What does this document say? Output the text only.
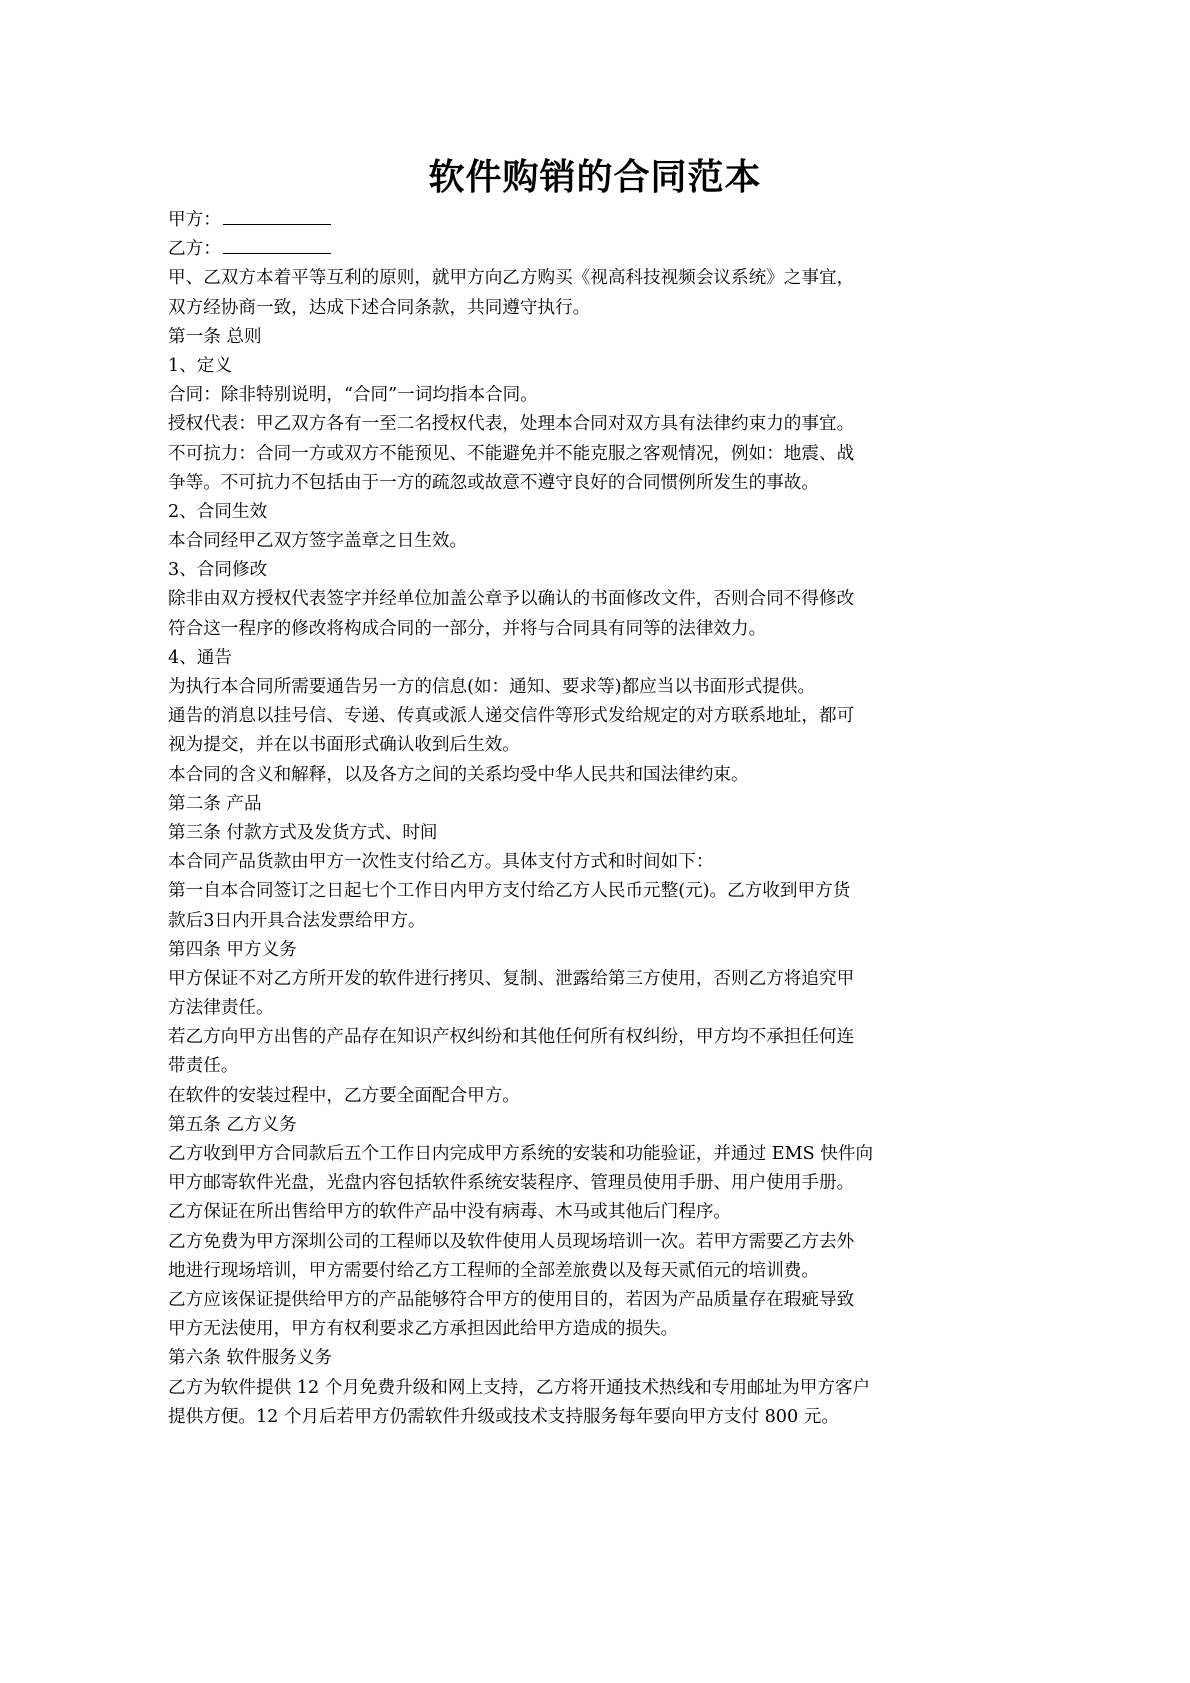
软件购销的合同范本
甲方：
乙方：
甲、乙双方本着平等互利的原则，就甲方向乙方购买《视高科技视频会议系统》之事宜，
双方经协商一致，达成下述合同条款，共同遵守执行。
第一条 总则
1、定义
合同：除非特别说明，“合同”一词均指本合同。
授权代表：甲乙双方各有一至二名授权代表，处理本合同对双方具有法律约束力的事宜。
不可抗力：合同一方或双方不能预见、不能避免并不能克服之客观情况，例如：地震、战
争等。不可抗力不包括由于一方的疏忽或故意不遵守良好的合同惯例所发生的事故。
2、合同生效
本合同经甲乙双方签字盖章之日生效。
3、合同修改
除非由双方授权代表签字并经单位加盖公章予以确认的书面修改文件，否则合同不得修改
符合这一程序的修改将构成合同的一部分，并将与合同具有同等的法律效力。
4、通告
为执行本合同所需要通告另一方的信息(如：通知、要求等)都应当以书面形式提供。
通告的消息以挂号信、专递、传真或派人递交信件等形式发给规定的对方联系地址，都可
视为提交，并在以书面形式确认收到后生效。
本合同的含义和解释，以及各方之间的关系均受中华人民共和国法律约束。
第二条 产品
第三条 付款方式及发货方式、时间
本合同产品货款由甲方一次性支付给乙方。具体支付方式和时间如下：
第一自本合同签订之日起七个工作日内甲方支付给乙方人民币元整(元)。乙方收到甲方货
款后3日内开具合法发票给甲方。
第四条 甲方义务
甲方保证不对乙方所开发的软件进行拷贝、复制、泄露给第三方使用，否则乙方将追究甲
方法律责任。
若乙方向甲方出售的产品存在知识产权纠纷和其他任何所有权纠纷，甲方均不承担任何连
带责任。
在软件的安装过程中，乙方要全面配合甲方。
第五条 乙方义务
乙方收到甲方合同款后五个工作日内完成甲方系统的安装和功能验证，并通过 EMS 快件向
甲方邮寄软件光盘，光盘内容包括软件系统安装程序、管理员使用手册、用户使用手册。
乙方保证在所出售给甲方的软件产品中没有病毒、木马或其他后门程序。
乙方免费为甲方深圳公司的工程师以及软件使用人员现场培训一次。若甲方需要乙方去外
地进行现场培训，甲方需要付给乙方工程师的全部差旅费以及每天贰佰元的培训费。
乙方应该保证提供给甲方的产品能够符合甲方的使用目的，若因为产品质量存在瑕疵导致
甲方无法使用，甲方有权利要求乙方承担因此给甲方造成的损失。
第六条 软件服务义务
乙方为软件提供 12 个月免费升级和网上支持，乙方将开通技术热线和专用邮址为甲方客户
提供方便。12 个月后若甲方仍需软件升级或技术支持服务每年要向甲方支付 800 元。
